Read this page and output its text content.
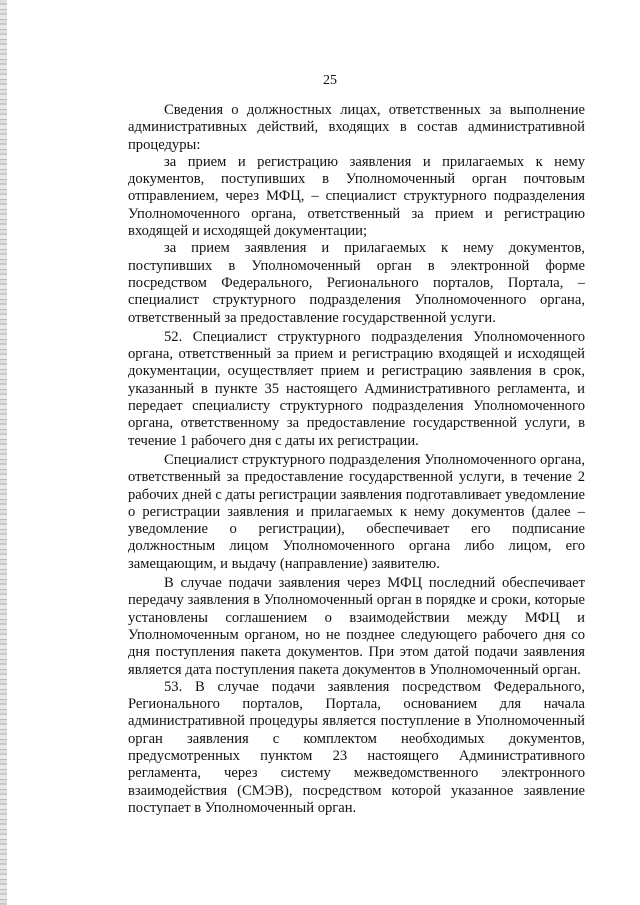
25

Сведения о должностных лицах, ответственных за выполнение административных действий, входящих в состав административной процедуры:

за прием и регистрацию заявления и прилагаемых к нему документов, поступивших в Уполномоченный орган почтовым отправлением, через МФЦ, – специалист структурного подразделения Уполномоченного органа, ответственный за прием и регистрацию входящей и исходящей документации;

за прием заявления и прилагаемых к нему документов, поступивших в Уполномоченный орган в электронной форме посредством Федерального, Регионального порталов, Портала, – специалист структурного подразделения Уполномоченного органа, ответственный за предоставление государственной услуги.

52. Специалист структурного подразделения Уполномоченного органа, ответственный за прием и регистрацию входящей и исходящей документации, осуществляет прием и регистрацию заявления в срок, указанный в пункте 35 настоящего Административного регламента, и передает специалисту структурного подразделения Уполномоченного органа, ответственному за предоставление государственной услуги, в течение 1 рабочего дня с даты их регистрации.

Специалист структурного подразделения Уполномоченного органа, ответственный за предоставление государственной услуги, в течение 2 рабочих дней с даты регистрации заявления подготавливает уведомление о регистрации заявления и прилагаемых к нему документов (далее – уведомление о регистрации), обеспечивает его подписание должностным лицом Уполномоченного органа либо лицом, его замещающим, и выдачу (направление) заявителю.

В случае подачи заявления через МФЦ последний обеспечивает передачу заявления в Уполномоченный орган в порядке и сроки, которые установлены соглашением о взаимодействии между МФЦ и Уполномоченным органом, но не позднее следующего рабочего дня со дня поступления пакета документов. При этом датой подачи заявления является дата поступления пакета документов в Уполномоченный орган.

53. В случае подачи заявления посредством Федерального, Регионального порталов, Портала, основанием для начала административной процедуры является поступление в Уполномоченный орган заявления с комплектом необходимых документов, предусмотренных пунктом 23 настоящего Административного регламента, через систему межведомственного электронного взаимодействия (СМЭВ), посредством которой указанное заявление поступает в Уполномоченный орган.
